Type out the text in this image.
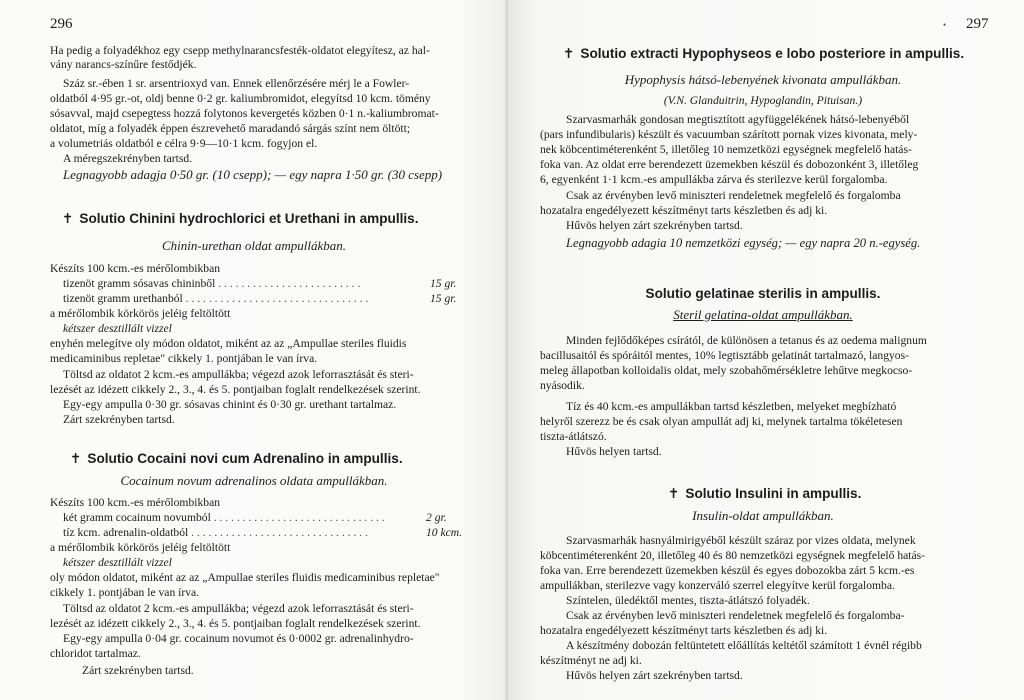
296
Ha pedig a folyadékhoz egy csepp methylnarancsfesték-oldatot elegyítesz, az hal-
vány narancs-színűre festődjék.
Száz sr.-ében 1 sr. arsentrioxyd van. Ennek ellenőrzésére mérj le a Fowler-
oldatból 4·95 gr.-ot, oldj benne 0·2 gr. kaliumbromidot, elegyítsd 10 kcm. tömény
sósavval, majd csepegtess hozzá folytonos kevergetés közben 0·1 n.-kaliumbromat-
oldatot, míg a folyadék éppen észrevehető maradandó sárgás színt nem öltött;
a volumetriás oldatból e célra 9·9—10·1 kcm. fogyjon el.
A méregszekrényben tartsd.
Legnagyobb adagja 0·50 gr. (10 csepp); — egy napra 1·50 gr. (30 csepp)
✝ Solutio Chinini hydrochlorici et Urethani in ampullis.
Chinin-urethan oldat ampullákban.
Készíts 100 kcm.-es mérőlombikban
tizenöt gramm sósavas chininből . . . . . . . . . . . . . . . . . . . . . . . . .	15 gr.
tizenöt gramm urethanból . . . . . . . . . . . . . . . . . . . . . . . . . . . . . . . .	15 gr.
a mérőlombik körkörös jeléig feltöltött
kétszer desztillált vizzel
enyhén melegítve oly módon oldatot, miként az az „Ampullae steriles fluidis
medicaminibus repletae" cikkely 1. pontjában le van írva.
Töltsd az oldatot 2 kcm.-es ampullákba; végezd azok leforrasztását és steri-
lezését az idézett cikkely 2., 3., 4. és 5. pontjaiban foglalt rendelkezések szerint.
Egy-egy ampulla 0·30 gr. sósavas chinint és 0·30 gr. urethant tartalmaz.
Zárt szekrényben tartsd.
✝ Solutio Cocaini novi cum Adrenalino in ampullis.
Cocainum novum adrenalinos oldata ampullákban.
Készíts 100 kcm.-es mérőlombikban
két gramm cocainum novumból . . . . . . . . . . . . . . . . . . . . . . . . . . . . . .	2 gr.
tíz kcm. adrenalin-oldatból . . . . . . . . . . . . . . . . . . . . . . . . . . . . . . .	10 kcm.
a mérőlombik körkörös jeléig feltöltött
kétszer desztillált vizzel
oly módon oldatot, miként az az „Ampullae steriles fluidis medicaminibus repletae"
cikkely 1. pontjában le van írva.
Töltsd az oldatot 2 kcm.-es ampullákba; végezd azok leforrasztását és steri-
lezését az idézett cikkely 2., 3., 4. és 5. pontjaiban foglalt rendelkezések szerint.
Egy-egy ampulla 0·04 gr. cocainum novumot és 0·0002 gr. adrenalinhydro-
chloridot tartalmaz.
Zárt szekrényben tartsd.
• 297
✝ Solutio extracti Hypophyseos e lobo posteriore in ampullis.
Hypophysis hátsó-lebenyének kivonata ampullákban.
(V.N. Glanduitrin, Hypoglandin, Pituisan.)
Szarvasmarhák gondosan megtisztított agyfüggelékének hátsó-lebenyéből
(pars infundibularis) készült és vacuumban szárított pornak vizes kivonata, mely-
nek köbcentiméterenként 5, illetőleg 10 nemzetközi egységnek megfelelő hatás-
foka van. Az oldat erre berendezett üzemekben készül és dobozonként 3, illetőleg
6, egyenként 1·1 kcm.-es ampullákba zárva és sterilezve kerül forgalomba.
Csak az érvényben levő miniszteri rendeletnek megfelelő és forgalomba
hozatalra engedélyezett készítményt tarts készletben és adj ki.
Hűvös helyen zárt szekrényben tartsd.
Legnagyobb adagia 10 nemzetközi egység; — egy napra 20 n.-egység.
Solutio gelatinae sterilis in ampullis.
Steril gelatina-oldat ampullákban.
Minden fejlődőképes csírától, de különösen a tetanus és az oedema malignum
bacillusaitól és spóráitól mentes, 10% legtisztább gelatinát tartalmazó, langyos-
meleg állapotban kolloidalis oldat, mely szobahőmérsékletre lehűtve megkocso-
nyásodik.
Tíz és 40 kcm.-es ampullákban tartsd készletben, melyeket megbízható
helyről szerezz be és csak olyan ampullát adj ki, melynek tartalma tökéletesen
tiszta-átlátszó.
Hűvös helyen tartsd.
✝ Solutio Insulini in ampullis.
Insulin-oldat ampullákban.
Szarvasmarhák hasnyálmirigyéből készült száraz por vizes oldata, melynek
köbcentiméterenként 20, illetőleg 40 és 80 nemzetközi egységnek megfelelő hatás-
foka van. Erre berendezett üzemekben készül és egyes dobozokba zárt 5 kcm.-es
ampullákban, sterilezve vagy konzerváló szerrel elegyítve kerül forgalomba.
Színtelen, üledéktől mentes, tiszta-átlátszó folyadék.
Csak az érvényben levő miniszteri rendeletnek megfelelő és forgalomba-
hozatalra engedélyezett készítményt tarts készletben és adj ki.
A készítmény dobozán feltüntetett előállítás keltétől számított 1 évnél régibb
készítményt ne adj ki.
Hűvös helyen zárt szekrényben tartsd.
